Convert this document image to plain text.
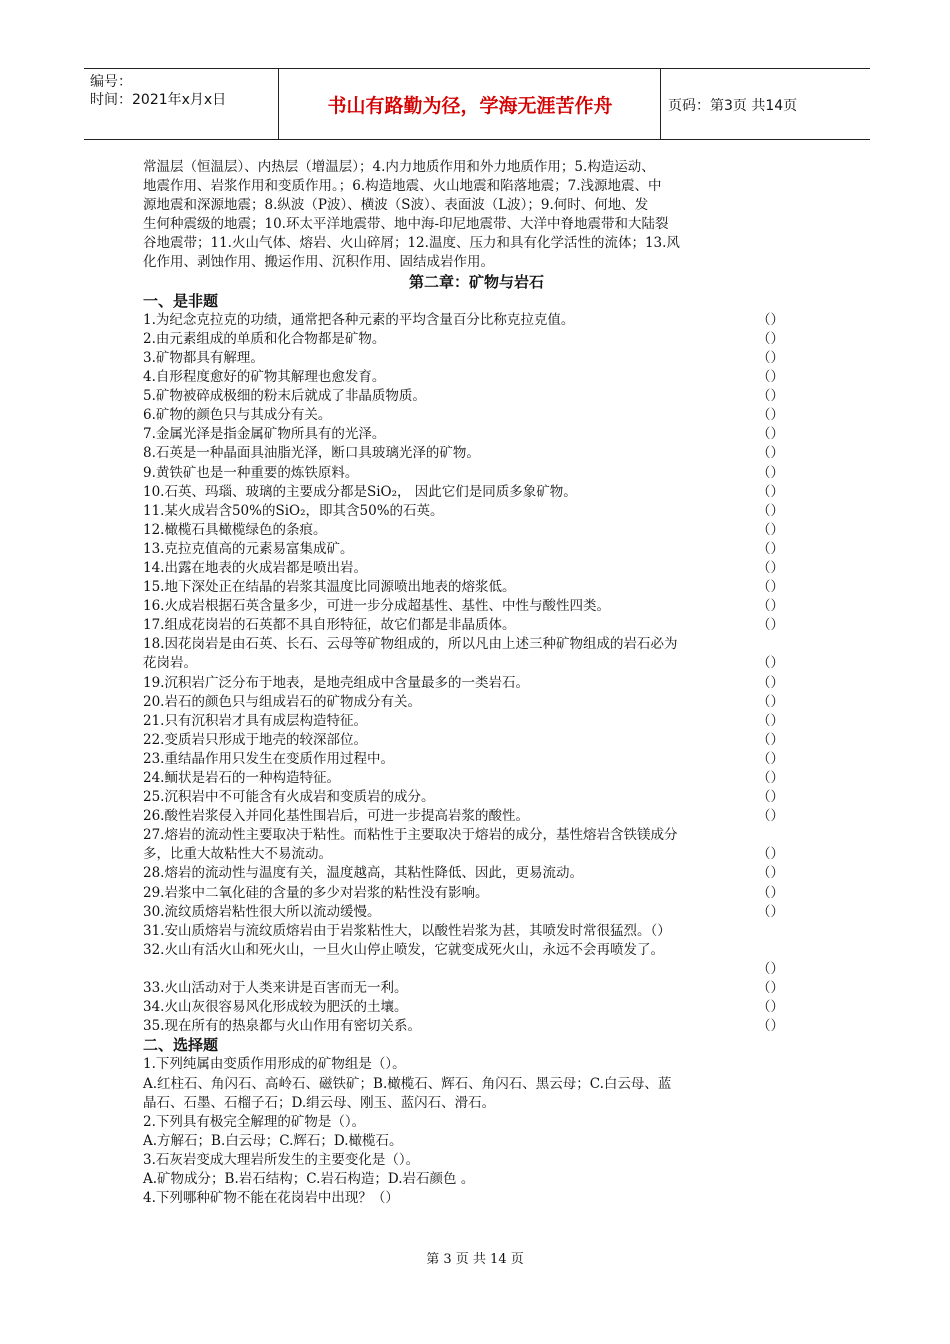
编号：
时间：2021年x月x日	书山有路勤为径，学海无涯苦作舟	页码：第3页 共14页
常温层（恒温层）、内热层（增温层）；4.内力地质作用和外力地质作用；5.构造运动、
地震作用、岩浆作用和变质作用。；6.构造地震、火山地震和陷落地震；7.浅源地震、中
源地震和深源地震；8.纵波（P波）、横波（S波）、表面波（L波）；9.何时、何地、发
生何种震级的地震；10.环太平洋地震带、地中海-印尼地震带、大洋中脊地震带和大陆裂
谷地震带；11.火山气体、熔岩、火山碎屑；12.温度、压力和具有化学活性的流体；13.风
化作用、剥蚀作用、搬运作用、沉积作用、固结成岩作用。
第二章：矿物与岩石
一、是非题
1.为纪念克拉克的功绩，通常把各种元素的平均含量百分比称克拉克值。	（）
2.由元素组成的单质和化合物都是矿物。	（）
3.矿物都具有解理。	（）
4.自形程度愈好的矿物其解理也愈发育。	（）
5.矿物被碎成极细的粉末后就成了非晶质物质。	（）
6.矿物的颜色只与其成分有关。	（）
7.金属光泽是指金属矿物所具有的光泽。	（）
8.石英是一种晶面具油脂光泽，断口具玻璃光泽的矿物。	（）
9.黄铁矿也是一种重要的炼铁原料。	（）
10.石英、玛瑙、玻璃的主要成分都是SiO₂， 因此它们是同质多象矿物。	（）
11.某火成岩含50%的SiO₂，即其含50%的石英。	（）
12.橄榄石具橄榄绿色的条痕。	（）
13.克拉克值高的元素易富集成矿。	（）
14.出露在地表的火成岩都是喷出岩。	（）
15.地下深处正在结晶的岩浆其温度比同源喷出地表的熔浆低。	（）
16.火成岩根据石英含量多少，可进一步分成超基性、基性、中性与酸性四类。	（）
17.组成花岗岩的石英都不具自形特征，故它们都是非晶质体。	（）
18.因花岗岩是由石英、长石、云母等矿物组成的，所以凡由上述三种矿物组成的岩石必为
花岗岩。	（）
19.沉积岩广泛分布于地表，是地壳组成中含量最多的一类岩石。	（）
20.岩石的颜色只与组成岩石的矿物成分有关。	（）
21.只有沉积岩才具有成层构造特征。	（）
22.变质岩只形成于地壳的较深部位。	（）
23.重结晶作用只发生在变质作用过程中。	（）
24.鲕状是岩石的一种构造特征。	（）
25.沉积岩中不可能含有火成岩和变质岩的成分。	（）
26.酸性岩浆侵入并同化基性围岩后，可进一步提高岩浆的酸性。	（）
27.熔岩的流动性主要取决于粘性。而粘性于主要取决于熔岩的成分，基性熔岩含铁镁成分
多，比重大故粘性大不易流动。	（）
28.熔岩的流动性与温度有关，温度越高，其粘性降低、因此，更易流动。	（）
29.岩浆中二氧化硅的含量的多少对岩浆的粘性没有影响。	（）
30.流纹质熔岩粘性很大所以流动缓慢。	（）
31.安山质熔岩与流纹质熔岩由于岩浆粘性大，以酸性岩浆为甚，其喷发时常很猛烈。（）
32.火山有活火山和死火山，一旦火山停止喷发，它就变成死火山，永远不会再喷发了。
（）
33.火山活动对于人类来讲是百害而无一利。	（）
34.火山灰很容易风化形成较为肥沃的土壤。	（）
35.现在所有的热泉都与火山作用有密切关系。	（）
二、选择题
1.下列纯属由变质作用形成的矿物组是（）。
A.红柱石、角闪石、高岭石、磁铁矿；B.橄榄石、辉石、角闪石、黑云母；C.白云母、蓝
晶石、石墨、石榴子石；D.绢云母、刚玉、蓝闪石、滑石。
2.下列具有极完全解理的矿物是（）。
A.方解石；B.白云母；C.辉石；D.橄榄石。
3.石灰岩变成大理岩所发生的主要变化是（）。
A.矿物成分；B.岩石结构；C.岩石构造；D.岩石颜色 。
4.下列哪种矿物不能在花岗岩中出现？（）
第 3 页 共 14 页
